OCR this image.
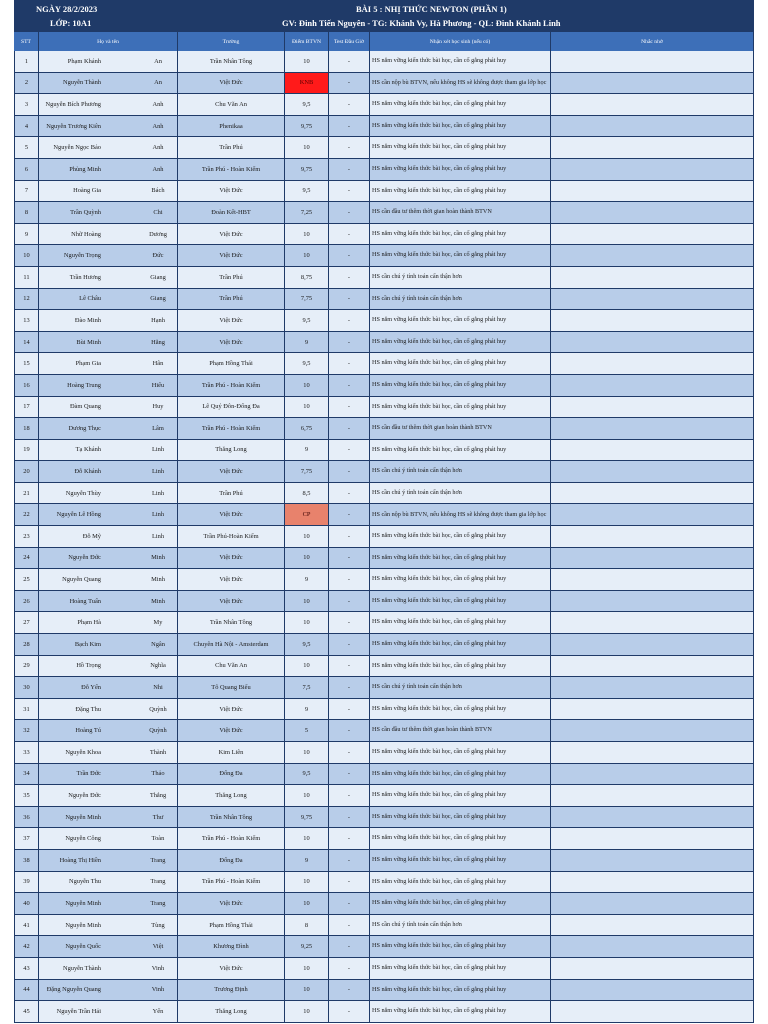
NGÀY 28/2/2023
LỚP: 10A1
BÀI 5 : NHỊ THỨC NEWTON (PHẦN 1)
GV: Đinh Tiến Nguyên - TG: Khánh Vy, Hà Phương - QL: Đinh Khánh Linh
STT	Họ và tên	Trường	Điểm BTVN	Test Đầu Giờ	Nhận xét học sinh (nếu có)	Nhắc nhở
1	Phạm Khánh	An	Trần Nhân Tông	10	-	HS nắm vững kiến thức bài học, cần cố gắng phát huy
2	Nguyễn Thành	An	Việt Đức	KNB	-	HS cần nộp bù BTVN, nếu không HS sẽ không được tham gia lớp học
3	Nguyễn Bích Phương	Anh	Chu Văn An	9,5	-	HS nắm vững kiến thức bài học, cần cố gắng phát huy
4	Nguyễn Trương Kiên	Anh	Phenikaa	9,75	-	HS nắm vững kiến thức bài học, cần cố gắng phát huy
5	Nguyễn Ngọc Bảo	Anh	Trần Phú	10	-	HS nắm vững kiến thức bài học, cần cố gắng phát huy
6	Phùng Minh	Anh	Trần Phú - Hoàn Kiếm	9,75	-	HS nắm vững kiến thức bài học, cần cố gắng phát huy
7	Hoàng Gia	Bách	Việt Đức	9,5	-	HS nắm vững kiến thức bài học, cần cố gắng phát huy
8	Trần Quỳnh	Chi	Đoàn Kết-HBT	7,25	-	HS cần đầu tư thêm thời gian hoàn thành BTVN
9	Nhữ Hoàng	Dương	Việt Đức	10	-	HS nắm vững kiến thức bài học, cần cố gắng phát huy
10	Nguyễn Trọng	Đức	Việt Đức	10	-	HS nắm vững kiến thức bài học, cần cố gắng phát huy
11	Trần Hương	Giang	Trần Phú	8,75	-	HS cần chú ý tính toán cẩn thận hơn
12	Lê Châu	Giang	Trần Phú	7,75	-	HS cần chú ý tính toán cẩn thận hơn
13	Đào Minh	Hạnh	Việt Đức	9,5	-	HS nắm vững kiến thức bài học, cần cố gắng phát huy
14	Bùi Minh	Hằng	Việt Đức	9	-	HS nắm vững kiến thức bài học, cần cố gắng phát huy
15	Phạm Gia	Hân	Phạm Hồng Thái	9,5	-	HS nắm vững kiến thức bài học, cần cố gắng phát huy
16	Hoàng Trung	Hiếu	Trần Phú - Hoàn Kiếm	10	-	HS nắm vững kiến thức bài học, cần cố gắng phát huy
17	Đàm Quang	Huy	Lê Quý Đôn-Đống Đa	10	-	HS nắm vững kiến thức bài học, cần cố gắng phát huy
18	Dương Thục	Lâm	Trần Phú - Hoàn Kiếm	6,75	-	HS cần đầu tư thêm thời gian hoàn thành BTVN
19	Tạ Khánh	Linh	Thăng Long	9	-	HS nắm vững kiến thức bài học, cần cố gắng phát huy
20	Đỗ Khánh	Linh	Việt Đức	7,75	-	HS cần chú ý tính toán cẩn thận hơn
21	Nguyễn Thùy	Linh	Trần Phú	8,5	-	HS cần chú ý tính toán cẩn thận hơn
22	Nguyễn Lê Hồng	Linh	Việt Đức	CP	-	HS cần nộp bù BTVN, nếu không HS sẽ không được tham gia lớp học
23	Đỗ Mỹ	Linh	Trần Phú-Hoàn Kiếm	10	-	HS nắm vững kiến thức bài học, cần cố gắng phát huy
24	Nguyễn Đức	Minh	Việt Đức	10	-	HS nắm vững kiến thức bài học, cần cố gắng phát huy
25	Nguyễn Quang	Minh	Việt Đức	9	-	HS nắm vững kiến thức bài học, cần cố gắng phát huy
26	Hoàng Tuấn	Minh	Việt Đức	10	-	HS nắm vững kiến thức bài học, cần cố gắng phát huy
27	Phạm Hà	My	Trần Nhân Tông	10	-	HS nắm vững kiến thức bài học, cần cố gắng phát huy
28	Bạch Kim	Ngân	Chuyên Hà Nội - Amsterdam	9,5	-	HS nắm vững kiến thức bài học, cần cố gắng phát huy
29	Hồ Trọng	Nghĩa	Chu Văn An	10	-	HS nắm vững kiến thức bài học, cần cố gắng phát huy
30	Đỗ Yến	Nhi	Tô Quang Biểu	7,5	-	HS cần chú ý tính toán cẩn thận hơn
31	Đặng Thu	Quỳnh	Việt Đức	9	-	HS nắm vững kiến thức bài học, cần cố gắng phát huy
32	Hoàng Tú	Quỳnh	Việt Đức	5	-	HS cần đầu tư thêm thời gian hoàn thành BTVN
33	Nguyễn Khoa	Thành	Kim Liên	10	-	HS nắm vững kiến thức bài học, cần cố gắng phát huy
34	Trần Đức	Thảo	Đống Đa	9,5	-	HS nắm vững kiến thức bài học, cần cố gắng phát huy
35	Nguyễn Đức	Thắng	Thăng Long	10	-	HS nắm vững kiến thức bài học, cần cố gắng phát huy
36	Nguyễn Minh	Thư	Trần Nhân Tông	9,75	-	HS nắm vững kiến thức bài học, cần cố gắng phát huy
37	Nguyễn Công	Toàn	Trần Phú - Hoàn Kiếm	10	-	HS nắm vững kiến thức bài học, cần cố gắng phát huy
38	Hoàng Thị Hiền	Trang	Đống Đa	9	-	HS nắm vững kiến thức bài học, cần cố gắng phát huy
39	Nguyễn Thu	Trang	Trần Phú - Hoàn Kiếm	10	-	HS nắm vững kiến thức bài học, cần cố gắng phát huy
40	Nguyễn Minh	Trang	Việt Đức	10	-	HS nắm vững kiến thức bài học, cần cố gắng phát huy
41	Nguyễn Minh	Tùng	Phạm Hồng Thái	8	-	HS cần chú ý tính toán cẩn thận hơn
42	Nguyễn Quốc	Việt	Khương Đình	9,25	-	HS nắm vững kiến thức bài học, cần cố gắng phát huy
43	Nguyễn Thành	Vinh	Việt Đức	10	-	HS nắm vững kiến thức bài học, cần cố gắng phát huy
44	Đặng Nguyễn Quang	Vinh	Trương Định	10	-	HS nắm vững kiến thức bài học, cần cố gắng phát huy
45	Nguyễn Trần Hải	Yến	Thăng Long	10	-	HS nắm vững kiến thức bài học, cần cố gắng phát huy
